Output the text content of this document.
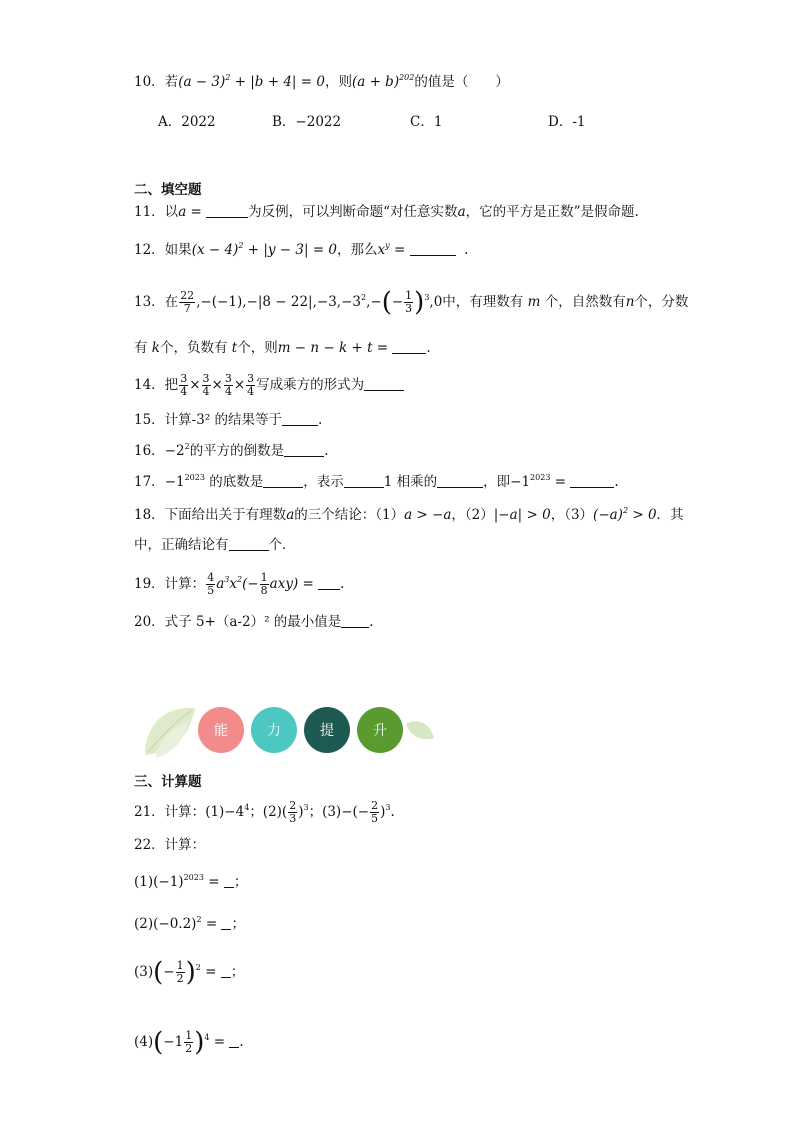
10．若$(a - 3)^2 + |b + 4| = 0$，则$(a + b)^{202}$的值是（　　）
A．2022	B．−2022	C．1	D．-1
二、填空题
11．以a =	为反例，可以判断命题“对任意实数a，它的平方是正数”是假命题.
12．如果$(x - 4)^2 + |y - 3| = 0$，那么$x^y$ =	.
13．在 $\frac{22}{7} ,-(-1),-|8 - 22|,-3,-3^2,-(- \frac{1}{3} )^3,0$中，有理数有 m 个，自然数有n个，分数
有 k个，负数有 t个，则m − n − k + t =	.
14．把 $\frac{3}{4} \times \frac{3}{4} \times \frac{3}{4} \times \frac{3}{4}$ 写成乘方的形式为
15．计算-3² 的结果等于	.
16．$-2^2$的平方的倒数是	.
17．$-1^{2023}$ 的底数是	，表示	1 相乘的	，即$-1^{2023}$ =	.
18．下面给出关于有理数a的三个结论：（1）a > −a，（2）|−a| > 0，$(3)(-a)^2 > 0$．其
中，正确结论有	个．
19．计算： $\frac{4}{5} a^3x^2(- \frac{1}{8} axy)$ = .
20．式子 5+（a-2）² 的最小值是 .
能	力	提	升
三、计算题
21．计算：$(1)-4^4$；$(2)( \frac{2}{3} )^3$；$(3)-(- \frac{2}{5} )^3$.
22．计算：
$(1)(-1)^{2023}$ = ；
$(2)(-0.2)^2$ = ；
$(3)(- \frac{1}{2} )^2$ = ；
$(4)(-1 \frac{1}{2} )^4$ = .
